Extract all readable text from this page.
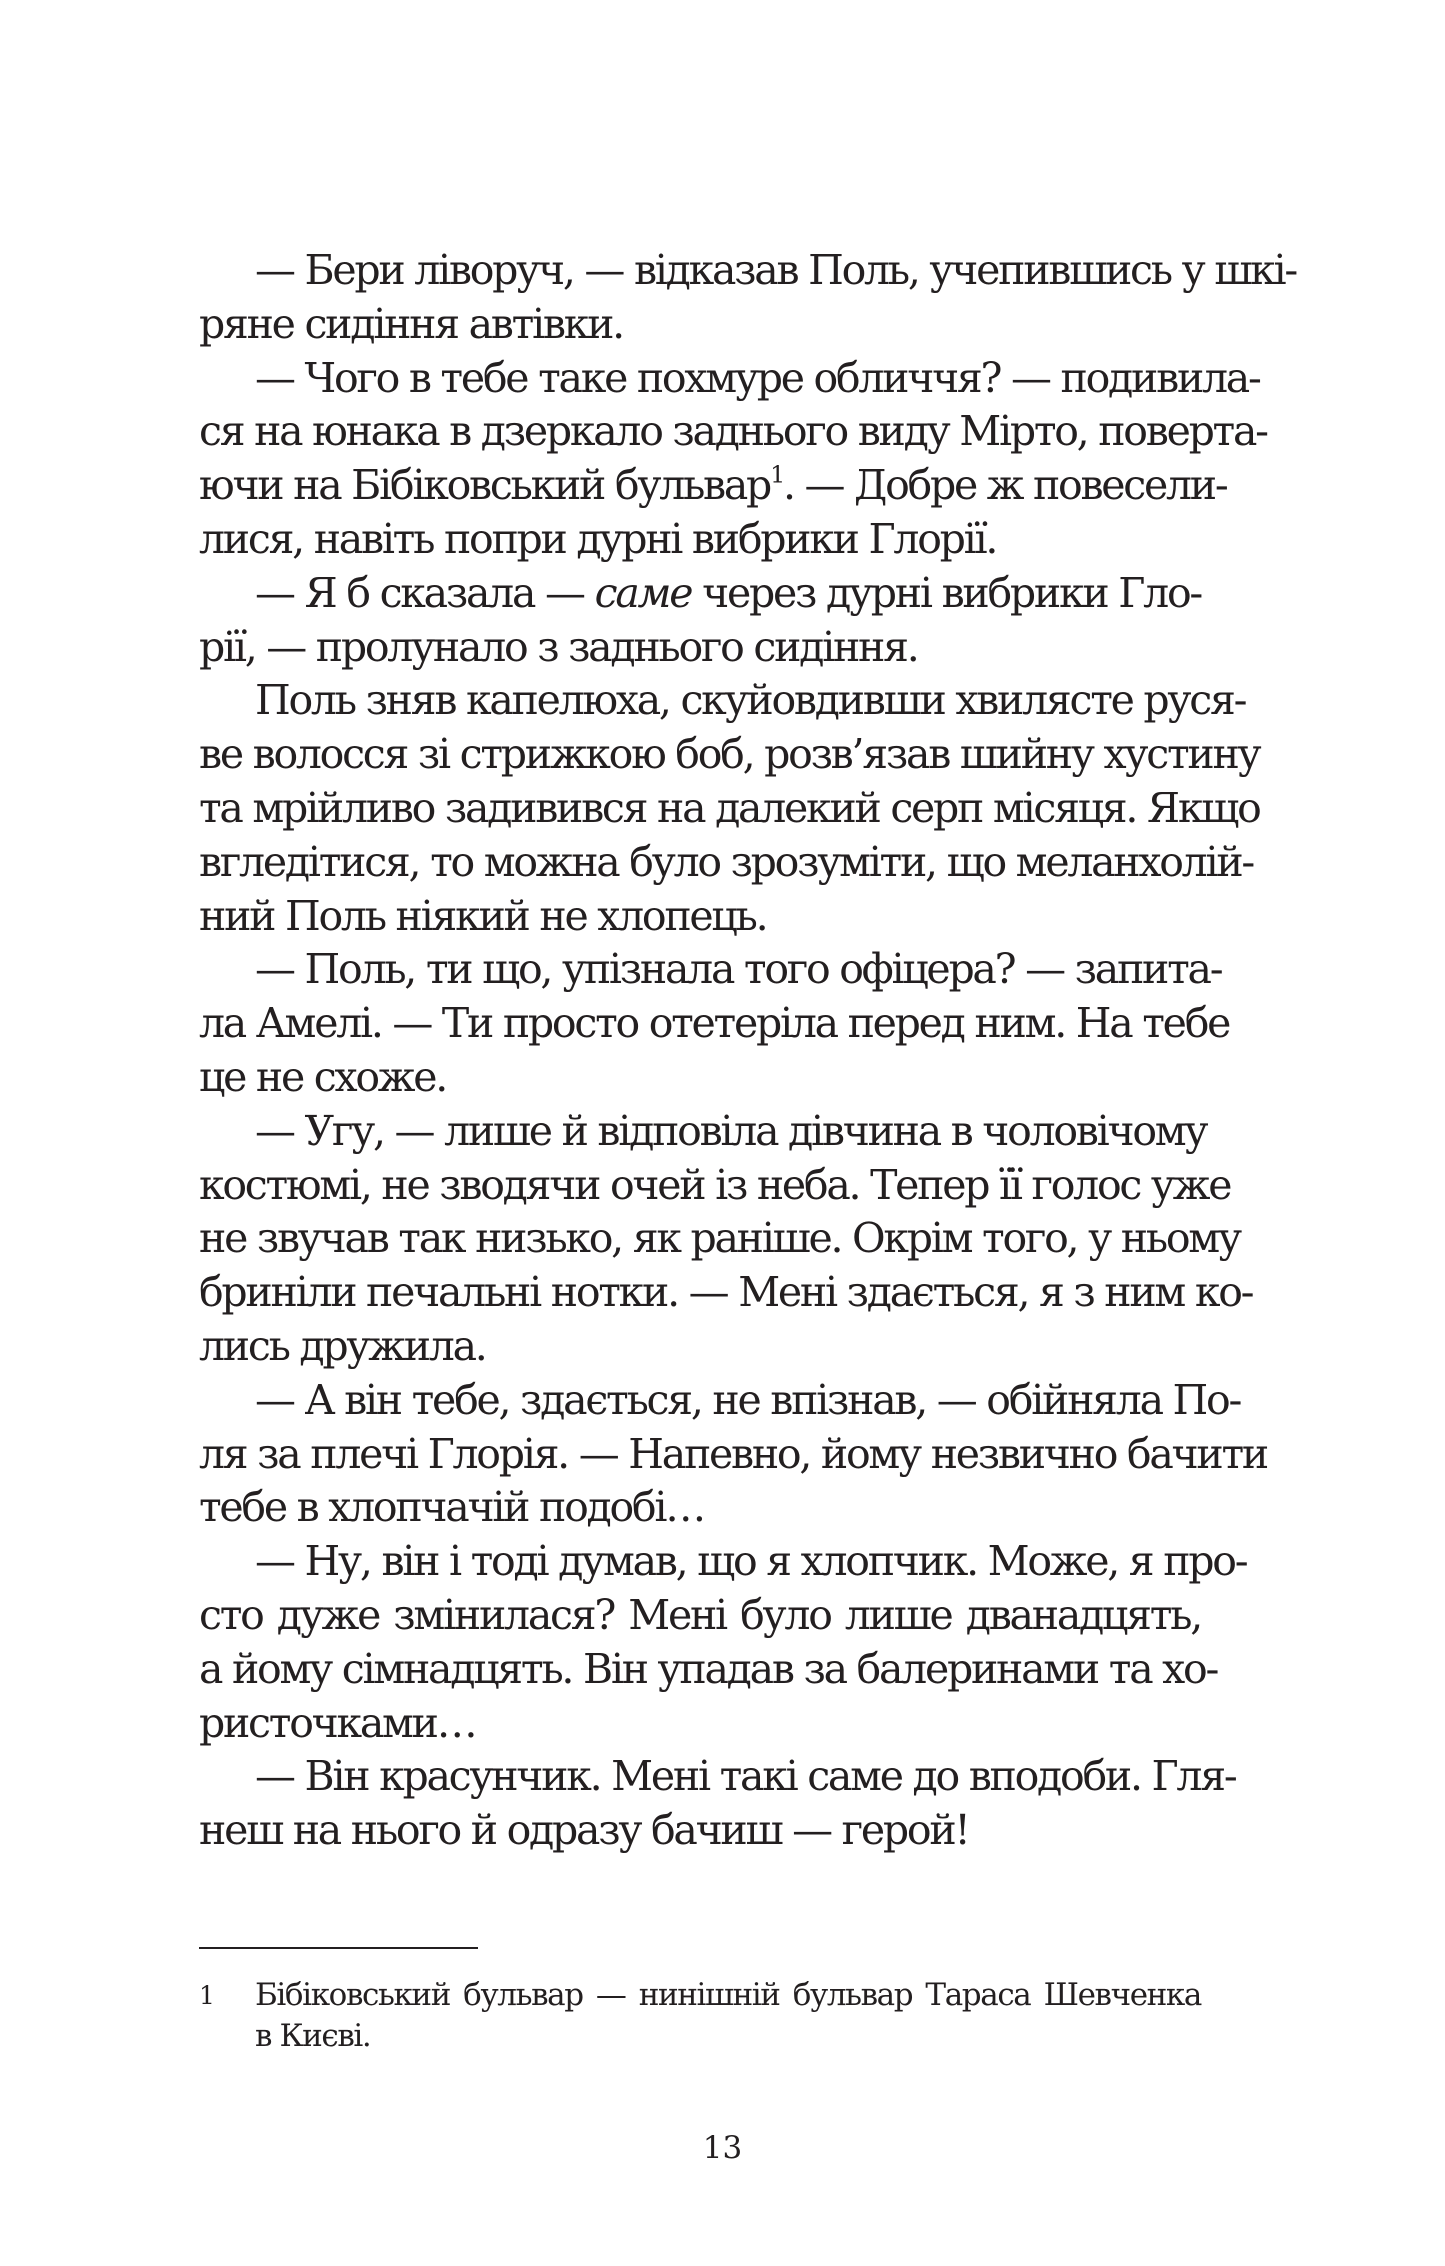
— Бери ліворуч, — відказав Поль, учепившись у шкі-
ряне сидіння автівки.
— Чого в тебе таке похмуре обличчя? — подивила-
ся на юнака в дзеркало заднього виду Мірто, поверта-
ючи на Бібіковський бульвар$^1$. — Добре ж повесели-
лися, навіть попри дурні вибрики Глорії.
— Я б сказала — саме через дурні вибрики Гло-
рії, — пролунало з заднього сидіння.
Поль зняв капелюха, скуйовдивши хвилясте руся-
ве волосся зі стрижкою боб, розв’язав шийну хустину
та мрійливо задивився на далекий серп місяця. Якщо
вгледітися, то можна було зрозуміти, що меланхолій-
ний Поль ніякий не хлопець.
— Поль, ти що, упізнала того офіцера? — запита-
ла Амелі. — Ти просто отетеріла перед ним. На тебе
це не схоже.
— Угу, — лише й відповіла дівчина в чоловічому
костюмі, не зводячи очей із неба. Тепер її голос уже
не звучав так низько, як раніше. Окрім того, у ньому
бриніли печальні нотки. — Мені здається, я з ним ко-
лись дружила.
— А він тебе, здається, не впізнав, — обійняла По-
ля за плечі Глорія. — Напевно, йому незвично бачити
тебе в хлопчачій подобі…
— Ну, він і тоді думав, що я хлопчик. Може, я про-
сто дуже змінилася? Мені було лише дванадцять,
а йому сімнадцять. Він упадав за балеринами та хо-
ристочками…
— Він красунчик. Мені такі саме до вподоби. Гля-
неш на нього й одразу бачиш — герой!
1	Бібіковський бульвар — нинішній бульвар Тараса Шевченка
в Києві.
13
